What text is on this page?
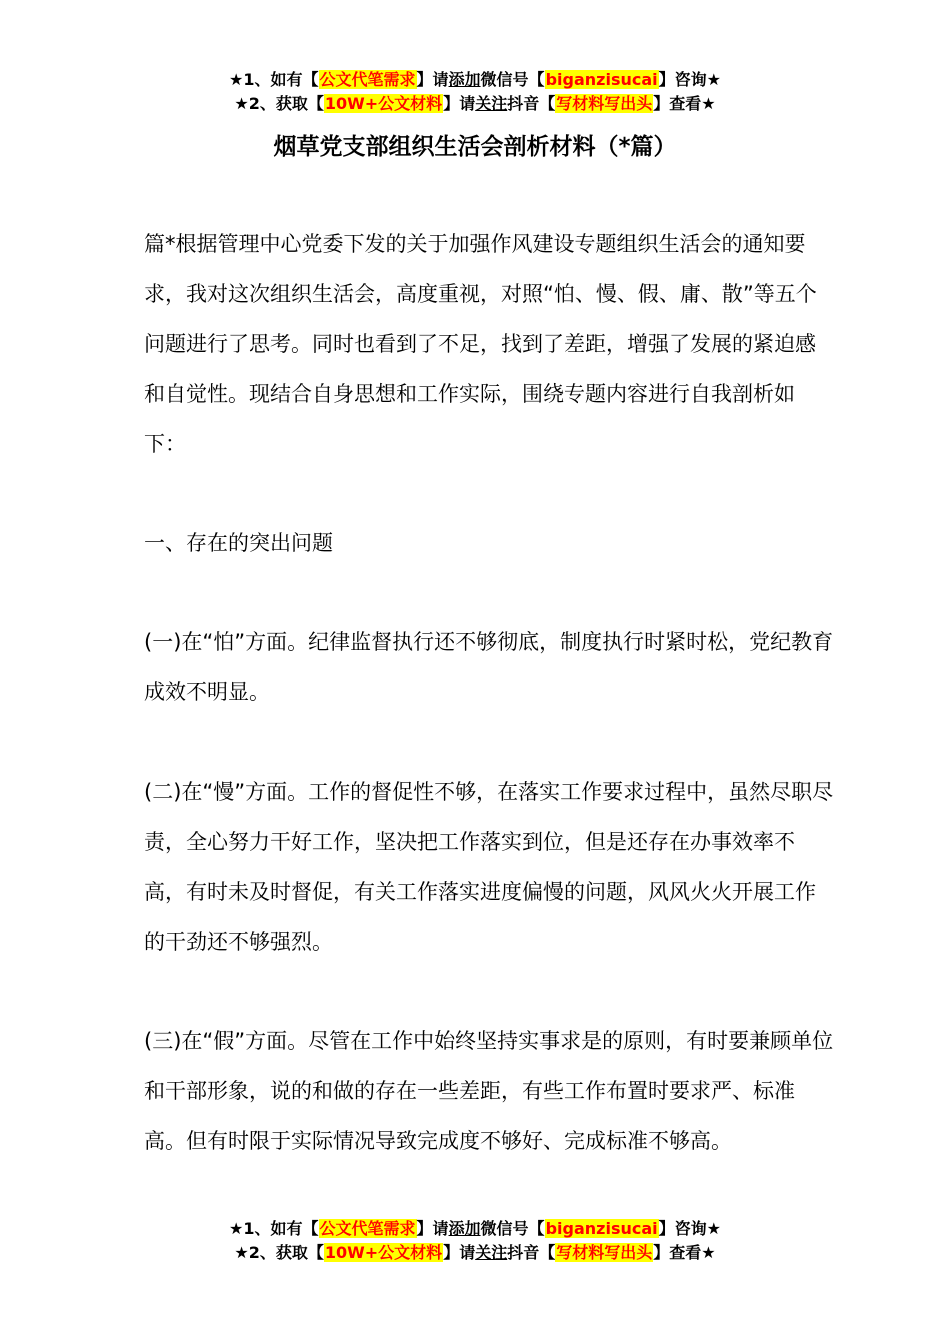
★1、如有【公文代笔需求】请添加微信号【biganzisucai】咨询★
★2、获取【10W+公文材料】请关注抖音【写材料写出头】查看★
烟草党支部组织生活会剖析材料（*篇）

篇*根据管理中心党委下发的关于加强作风建设专题组织生活会的通知要求，我对这次组织生活会，高度重视，对照“怕、慢、假、庸、散”等五个问题进行了思考。同时也看到了不足，找到了差距，增强了发展的紧迫感和自觉性。现结合自身思想和工作实际，围绕专题内容进行自我剖析如下：

一、存在的突出问题

(一)在“怕”方面。纪律监督执行还不够彻底，制度执行时紧时松，党纪教育成效不明显。

(二)在“慢”方面。工作的督促性不够，在落实工作要求过程中，虽然尽职尽责，全心努力干好工作，坚决把工作落实到位，但是还存在办事效率不高，有时未及时督促，有关工作落实进度偏慢的问题，风风火火开展工作的干劲还不够强烈。

(三)在“假”方面。尽管在工作中始终坚持实事求是的原则，有时要兼顾单位和干部形象，说的和做的存在一些差距，有些工作布置时要求严、标准高。但有时限于实际情况导致完成度不够好、完成标准不够高。

★1、如有【公文代笔需求】请添加微信号【biganzisucai】咨询★
★2、获取【10W+公文材料】请关注抖音【写材料写出头】查看★
